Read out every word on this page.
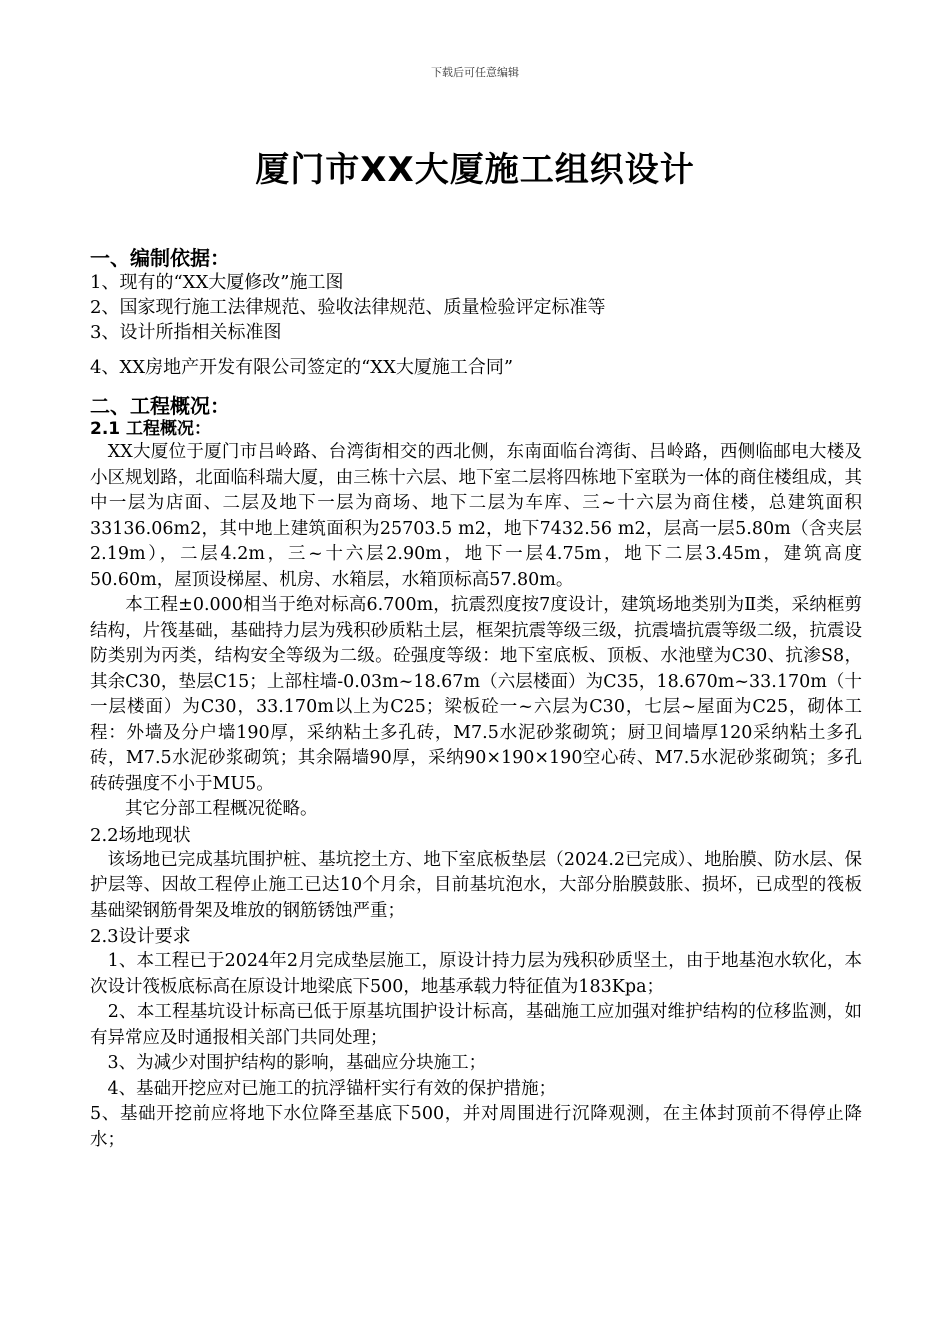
下载后可任意编辑
厦门市XX大厦施工组织设计

一、编制依据：

1、现有的“XX大厦修改”施工图

2、国家现行施工法律规范、验收法律规范、质量检验评定标准等

3、设计所指相关标准图

4、XX房地产开发有限公司签定的“XX大厦施工合同”

二、工程概况：

2.1 工程概况：

　XX大厦位于厦门市吕岭路、台湾街相交的西北侧，东南面临台湾街、吕岭路，西侧临邮电大楼及小区规划路，北面临科瑞大厦，由三栋十六层、地下室二层将四栋地下室联为一体的商住楼组成，其中一层为店面、二层及地下一层为商场、地下二层为车库、三~十六层为商住楼，总建筑面积33136.06m2，其中地上建筑面积为25703.5 m2，地下7432.56 m2，层高一层5.80m（含夹层2.19m），二层4.2m，三~十六层2.90m，地下一层4.75m，地下二层3.45m，建筑高度50.60m，屋顶设梯屋、机房、水箱层，水箱顶标高57.80m。

　　本工程±0.000相当于绝对标高6.700m，抗震烈度按7度设计，建筑场地类别为Ⅱ类，采纳框剪结构，片筏基础，基础持力层为残积砂质粘土层，框架抗震等级三级，抗震墙抗震等级二级，抗震设防类别为丙类，结构安全等级为二级。砼强度等级：地下室底板、顶板、水池壁为C30、抗渗S8，其余C30，垫层C15；上部柱墙-0.03m~18.67m（六层楼面）为C35，18.670m~33.170m（十一层楼面）为C30，33.170m以上为C25；梁板砼一~六层为C30，七层~屋面为C25，砌体工程：外墙及分户墙190厚，采纳粘土多孔砖，M7.5水泥砂浆砌筑；厨卫间墙厚120采纳粘土多孔砖，M7.5水泥砂浆砌筑；其余隔墙90厚，采纳90×190×190空心砖、M7.5水泥砂浆砌筑；多孔砖砖强度不小于MU5。

　　其它分部工程概况從略。

2.2场地现状

　该场地已完成基坑围护桩、基坑挖土方、地下室底板垫层（2024.2已完成）、地胎膜、防水层、保护层等、因故工程停止施工已达10个月余，目前基坑泡水，大部分胎膜鼓胀、损坏，已成型的筏板基础梁钢筋骨架及堆放的钢筋锈蚀严重；

2.3设计要求

　1、本工程已于2024年2月完成垫层施工，原设计持力层为残积砂质坚土，由于地基泡水软化，本次设计筏板底标高在原设计地梁底下500，地基承载力特征值为183Kpa；

　2、本工程基坑设计标高已低于原基坑围护设计标高，基础施工应加强对维护结构的位移监测，如有异常应及时通报相关部门共同处理；

　3、为减少对围护结构的影响，基础应分块施工；

　4、基础开挖应对已施工的抗浮锚杆实行有效的保护措施；

5、基础开挖前应将地下水位降至基底下500，并对周围进行沉降观测，在主体封顶前不得停止降水；
